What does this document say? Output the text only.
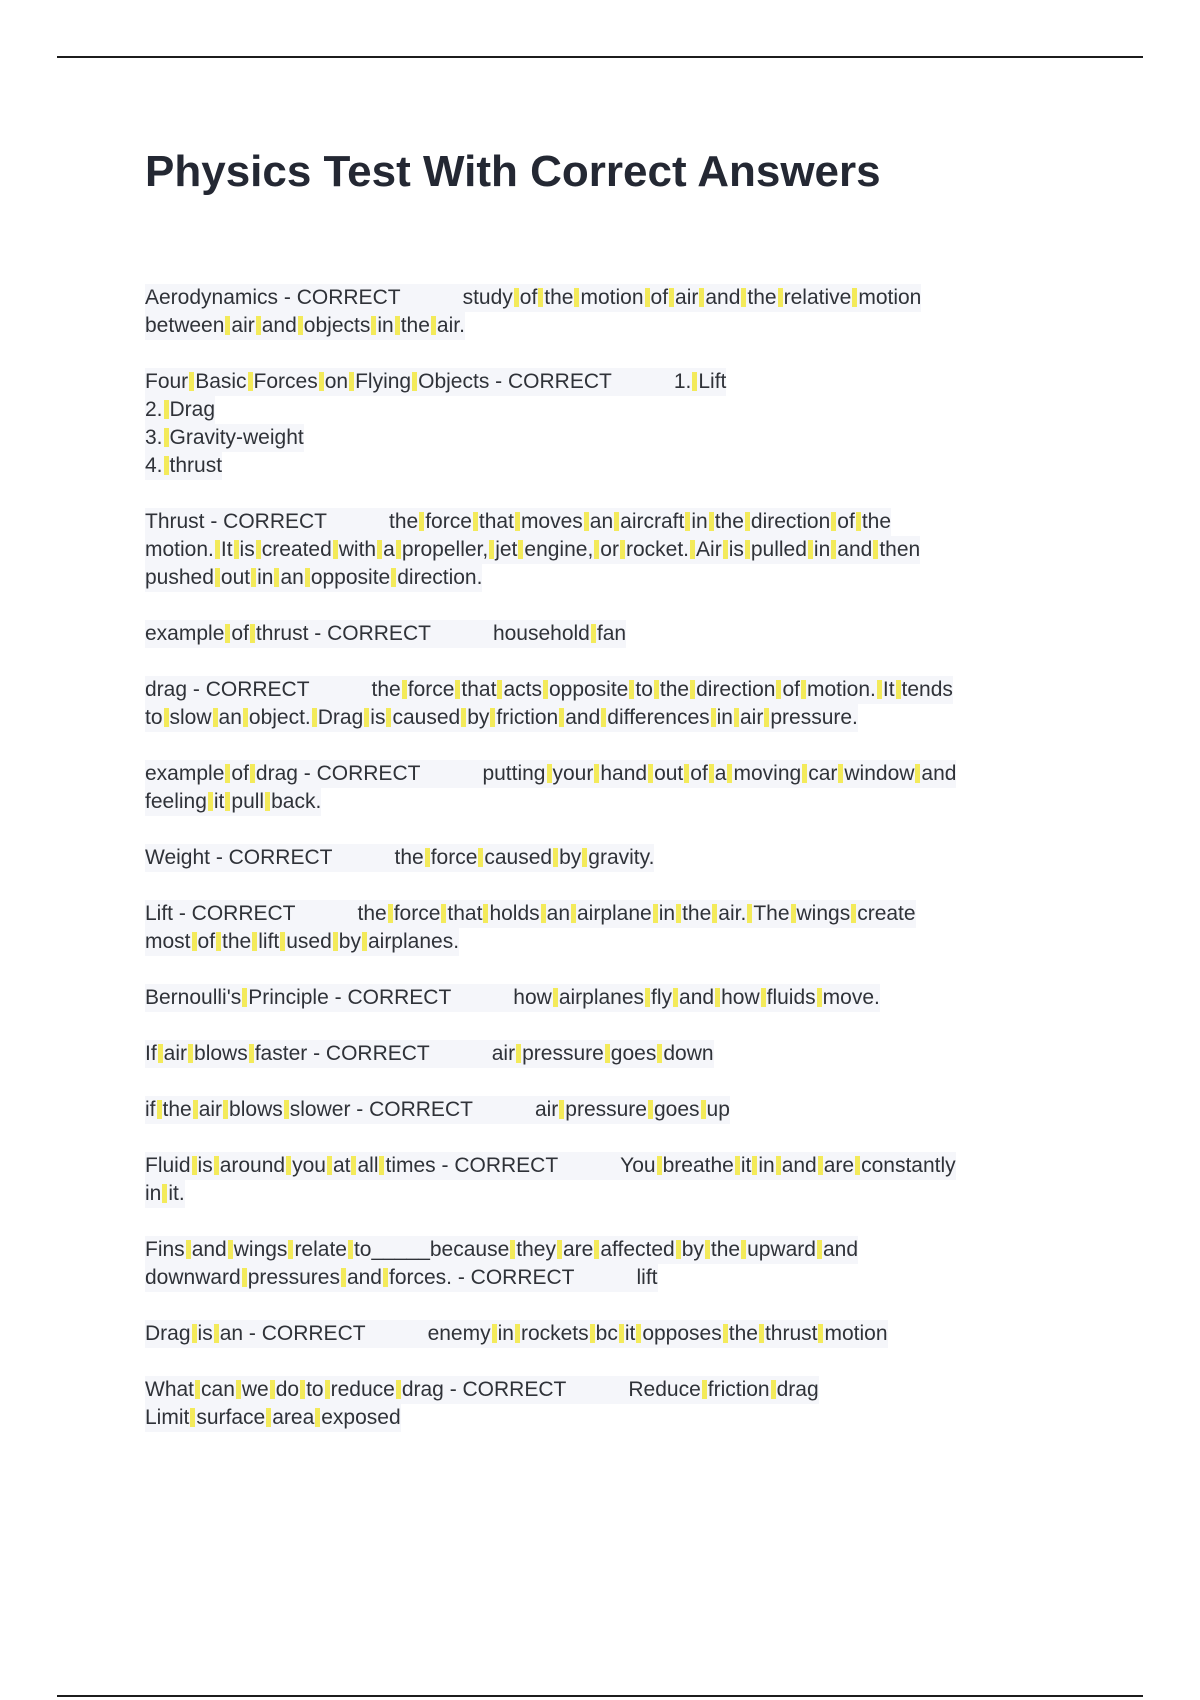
Physics Test With Correct Answers
Aerodynamics - CORRECT	study of the motion of air and the relative motion
between air and objects in the air.
Four Basic Forces on Flying Objects - CORRECT	1. Lift
2. Drag
3. Gravity-weight
4. thrust
Thrust - CORRECT	the force that moves an aircraft in the direction of the
motion. It is created with a propeller, jet engine, or rocket. Air is pulled in and then
pushed out in an opposite direction.
example of thrust - CORRECT	household fan
drag - CORRECT	the force that acts opposite to the direction of motion. It tends
to slow an object. Drag is caused by friction and differences in air pressure.
example of drag - CORRECT	putting your hand out of a moving car window and
feeling it pull back.
Weight - CORRECT	the force caused by gravity.
Lift - CORRECT	the force that holds an airplane in the air. The wings create
most of the lift used by airplanes.
Bernoulli's Principle - CORRECT	how airplanes fly and how fluids move.
If air blows faster - CORRECT	air pressure goes down
if the air blows slower - CORRECT	air pressure goes up
Fluid is around you at all times - CORRECT	You breathe it in and are constantly
in it.
Fins and wings relate to_____because they are affected by the upward and
downward pressures and forces. - CORRECT	lift
Drag is an - CORRECT	enemy in rockets bc it opposes the thrust motion
What can we do to reduce drag - CORRECT	Reduce friction drag
Limit surface area exposed
